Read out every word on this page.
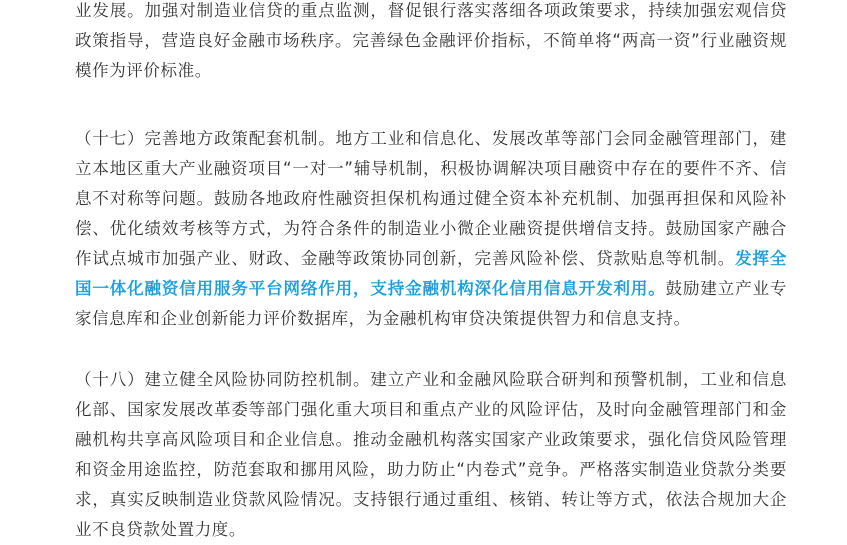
业发展。加强对制造业信贷的重点监测，督促银行落实落细各项政策要求，持续加强宏观信贷政策指导，营造良好金融市场秩序。完善绿色金融评价指标，不简单将“两高一资”行业融资规模作为评价标准。

（十七）完善地方政策配套机制。地方工业和信息化、发展改革等部门会同金融管理部门，建立本地区重大产业融资项目“一对一”辅导机制，积极协调解决项目融资中存在的要件不齐、信息不对称等问题。鼓励各地政府性融资担保机构通过健全资本补充机制、加强再担保和风险补偿、优化绩效考核等方式，为符合条件的制造业小微企业融资提供增信支持。鼓励国家产融合作试点城市加强产业、财政、金融等政策协同创新，完善风险补偿、贷款贴息等机制。发挥全国一体化融资信用服务平台网络作用，支持金融机构深化信用信息开发利用。鼓励建立产业专家信息库和企业创新能力评价数据库，为金融机构审贷决策提供智力和信息支持。

（十八）建立健全风险协同防控机制。建立产业和金融风险联合研判和预警机制，工业和信息化部、国家发展改革委等部门强化重大项目和重点产业的风险评估，及时向金融管理部门和金融机构共享高风险项目和企业信息。推动金融机构落实国家产业政策要求，强化信贷风险管理和资金用途监控，防范套取和挪用风险，助力防止“内卷式”竞争。严格落实制造业贷款分类要求，真实反映制造业贷款风险情况。支持银行通过重组、核销、转让等方式，依法合规加大企业不良贷款处置力度。
